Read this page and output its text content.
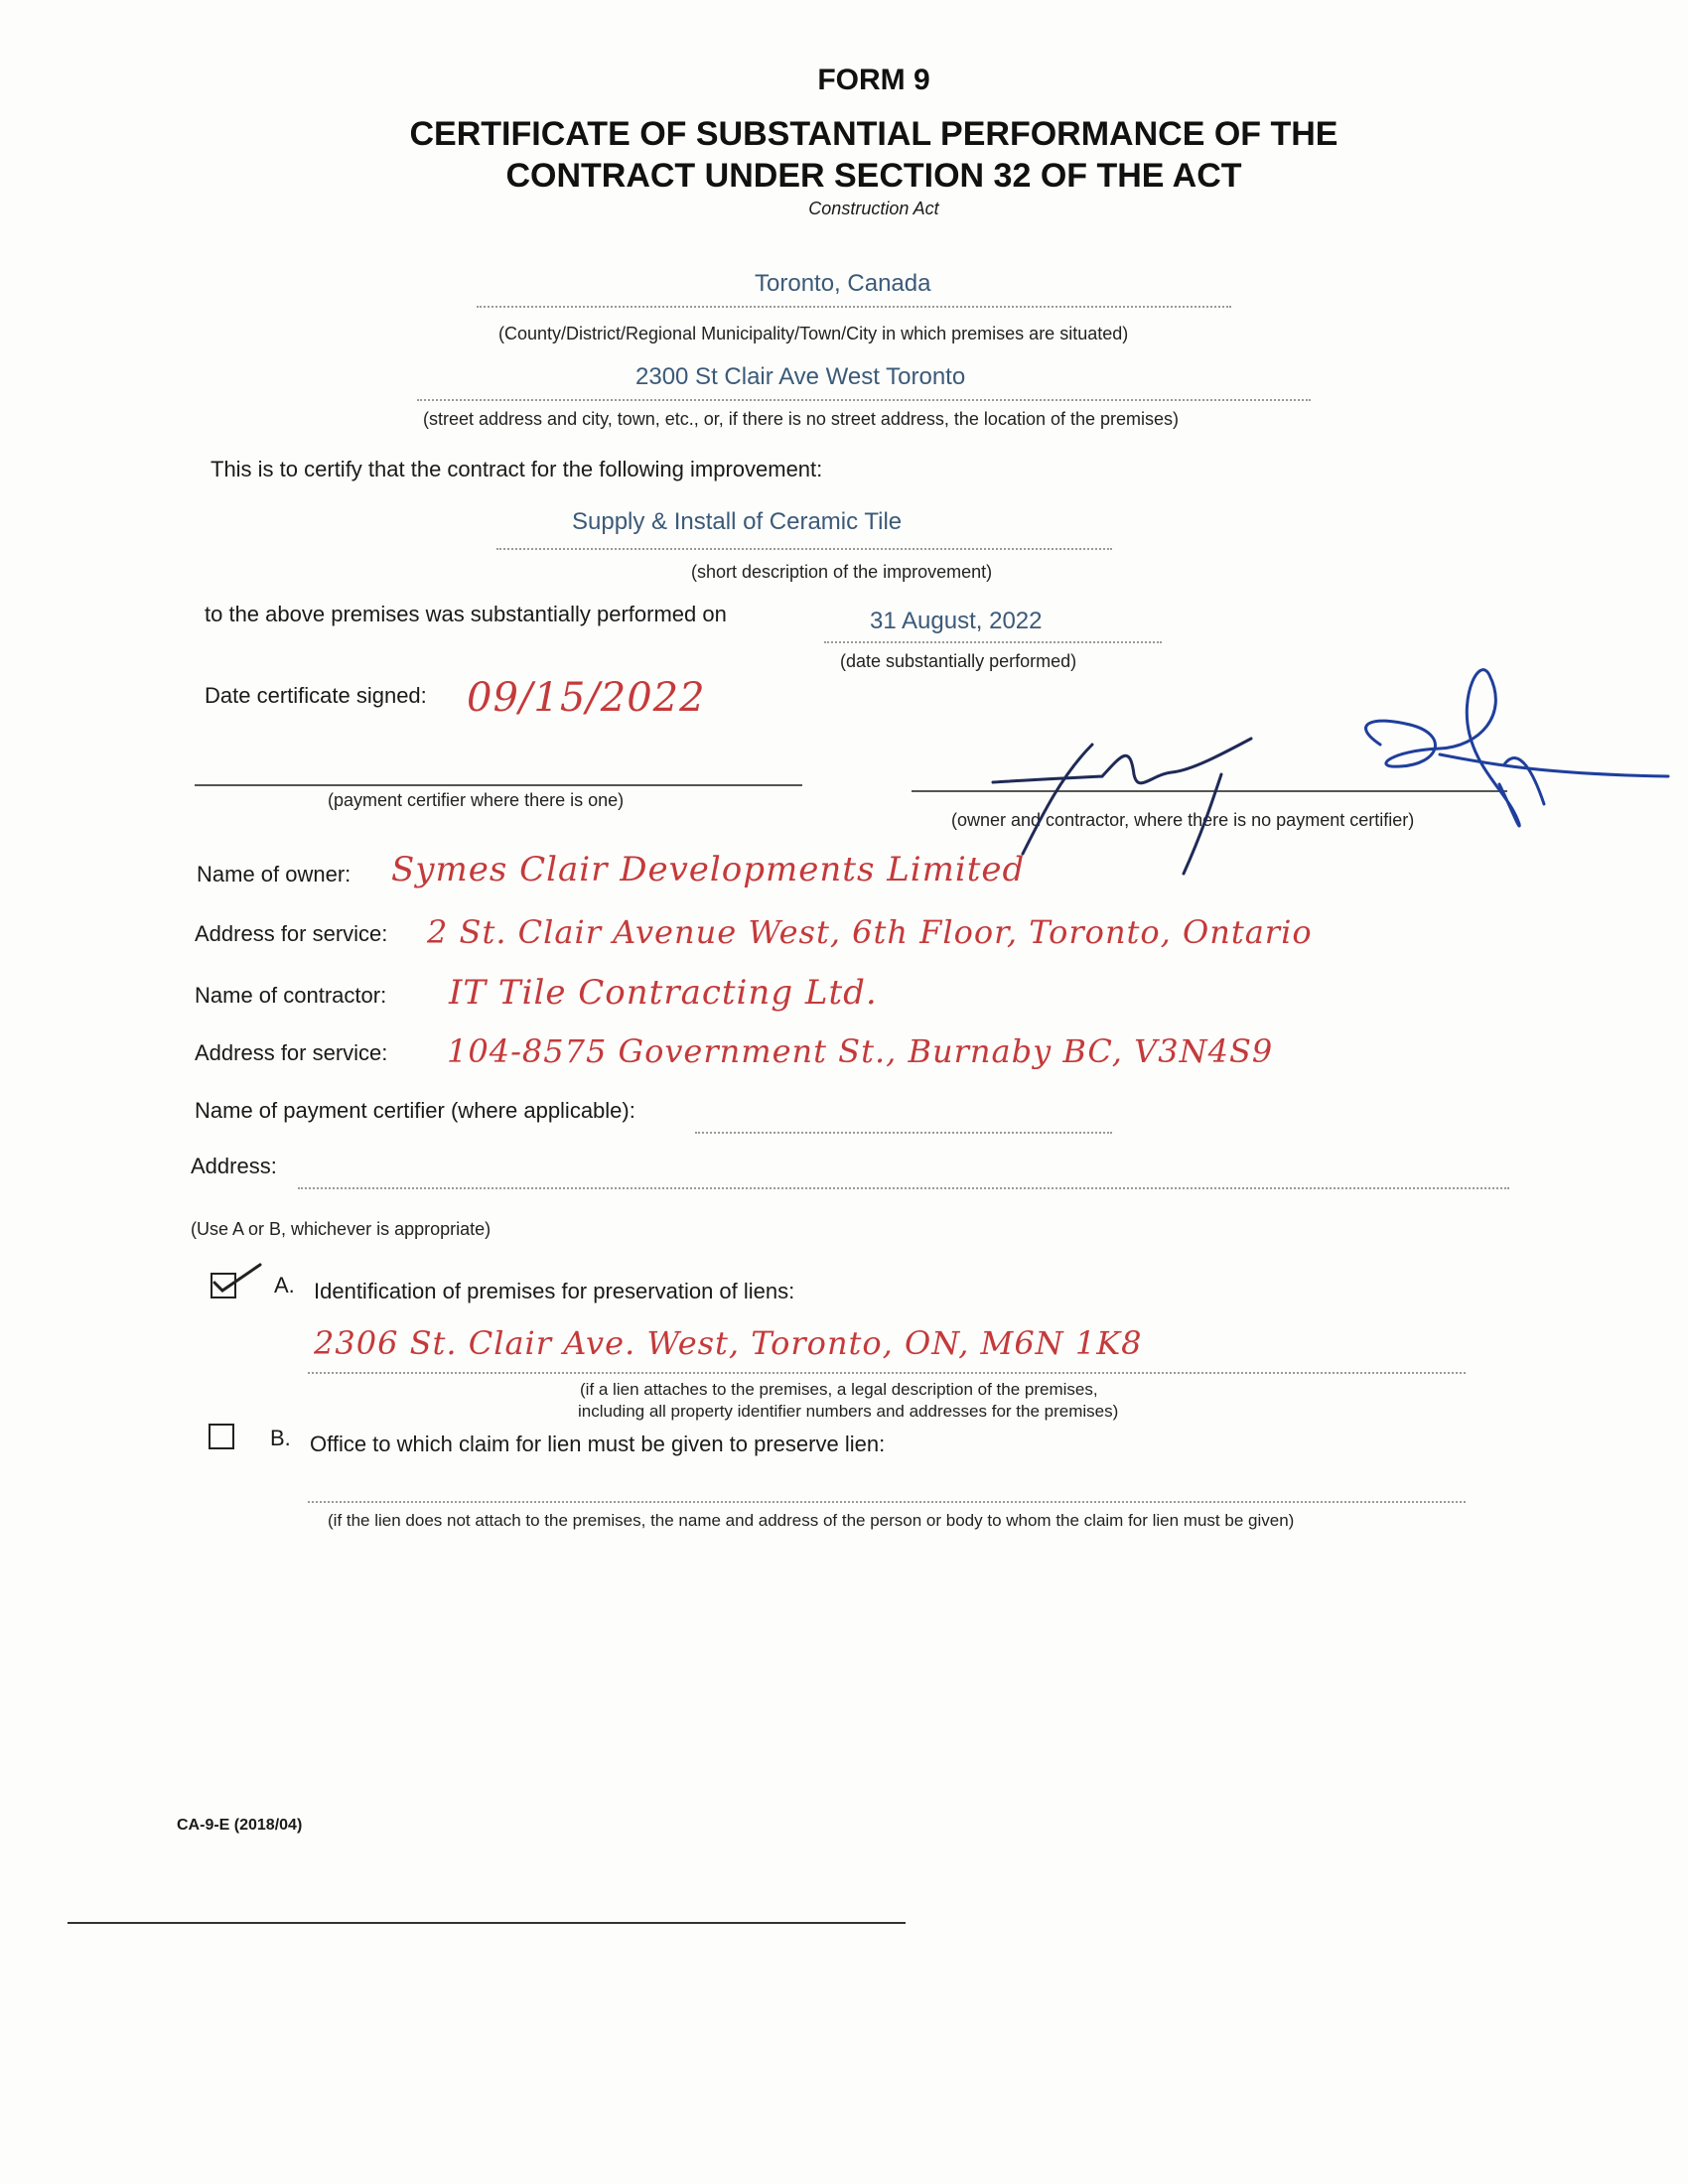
FORM 9
CERTIFICATE OF SUBSTANTIAL PERFORMANCE OF THE
CONTRACT UNDER SECTION 32 OF THE ACT
Construction Act
Toronto, Canada
(County/District/Regional Municipality/Town/City in which premises are situated)
2300 St Clair Ave West Toronto
(street address and city, town, etc., or, if there is no street address, the location of the premises)
This is to certify that the contract for the following improvement:
Supply & Install of Ceramic Tile
(short description of the improvement)
to the above premises was substantially performed on	31 August, 2022
(date substantially performed)
Date certificate signed: 09/15/2022
(payment certifier where there is one)
(owner and contractor, where there is no payment certifier)
Name of owner: Symes Clair Developments Limited
Address for service: 2 St. Clair Avenue West, 6th Floor, Toronto, Ontario
Name of contractor: IT Tile Contracting Ltd.
Address for service: 104-8575 Government St., Burnaby BC, V3N4S9
Name of payment certifier (where applicable):
Address:
(Use A or B, whichever is appropriate)
A. Identification of premises for preservation of liens:
2306 St. Clair Ave. West, Toronto, ON, M6N 1K8
(if a lien attaches to the premises, a legal description of the premises,
including all property identifier numbers and addresses for the premises)
B. Office to which claim for lien must be given to preserve lien:
(if the lien does not attach to the premises, the name and address of the person or body to whom the claim for lien must be given)
CA-9-E (2018/04)
